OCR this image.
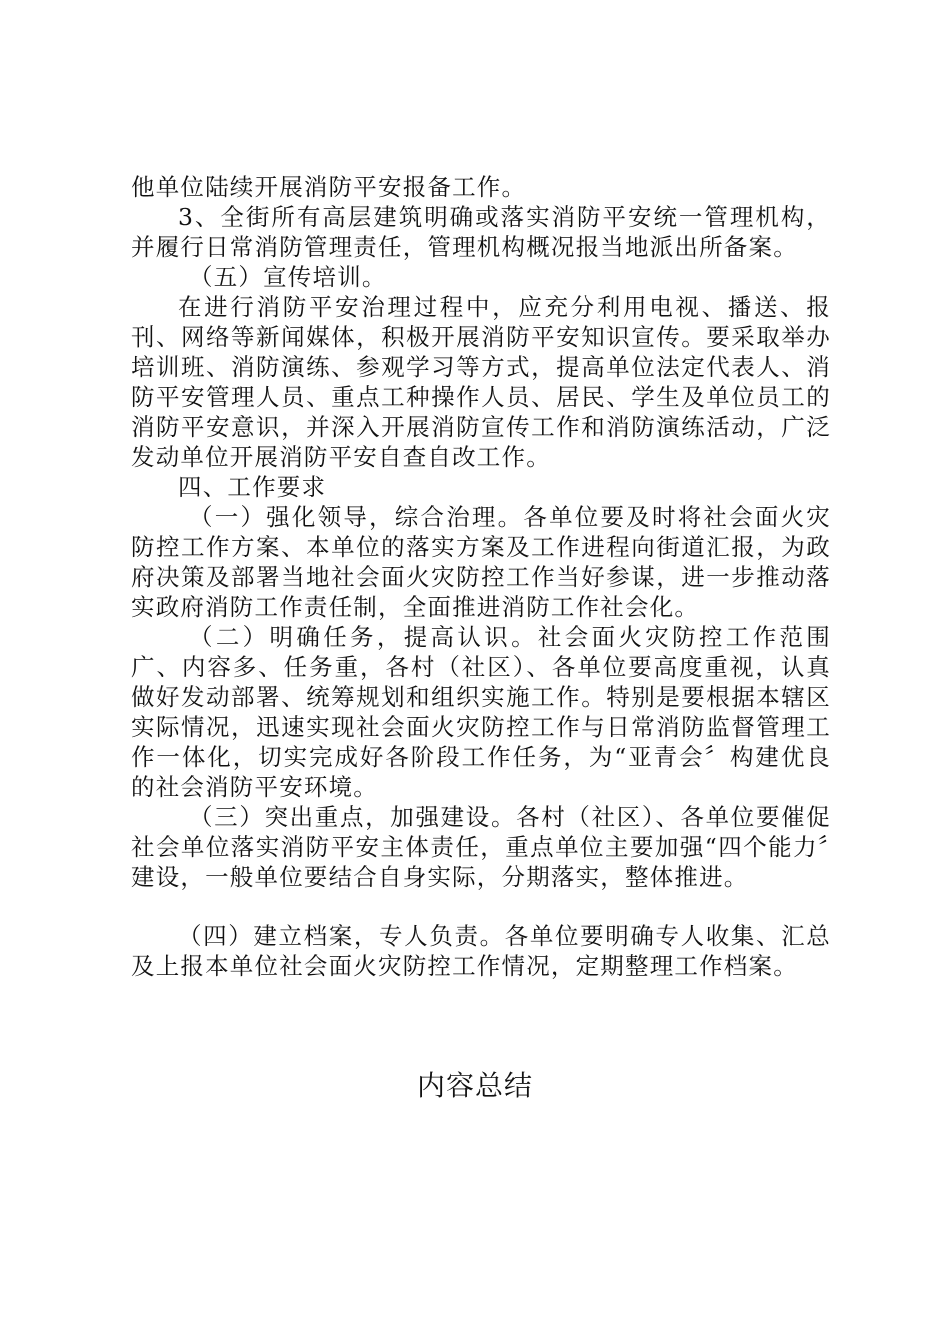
他单位陆续开展消防平安报备工作。

3、全街所有高层建筑明确或落实消防平安统一管理机构，并履行日常消防管理责任，管理机构概况报当地派出所备案。

（五）宣传培训。

在进行消防平安治理过程中，应充分利用电视、播送、报刊、网络等新闻媒体，积极开展消防平安知识宣传。要采取举办培训班、消防演练、参观学习等方式，提高单位法定代表人、消防平安管理人员、重点工种操作人员、居民、学生及单位员工的消防平安意识，并深入开展消防宣传工作和消防演练活动，广泛发动单位开展消防平安自查自改工作。

四、工作要求

（一）强化领导，综合治理。各单位要及时将社会面火灾防控工作方案、本单位的落实方案及工作进程向街道汇报，为政府决策及部署当地社会面火灾防控工作当好参谋，进一步推动落实政府消防工作责任制，全面推进消防工作社会化。

（二）明确任务，提高认识。社会面火灾防控工作范围广、内容多、任务重，各村（社区）、各单位要高度重视，认真做好发动部署、统筹规划和组织实施工作。特别是要根据本辖区实际情况，迅速实现社会面火灾防控工作与日常消防监督管理工作一体化，切实完成好各阶段工作任务，为“亚青会〞构建优良的社会消防平安环境。

（三）突出重点，加强建设。各村（社区）、各单位要催促社会单位落实消防平安主体责任，重点单位主要加强“四个能力〞建设，一般单位要结合自身实际，分期落实，整体推进。

（四）建立档案，专人负责。各单位要明确专人收集、汇总及上报本单位社会面火灾防控工作情况，定期整理工作档案。

内容总结
